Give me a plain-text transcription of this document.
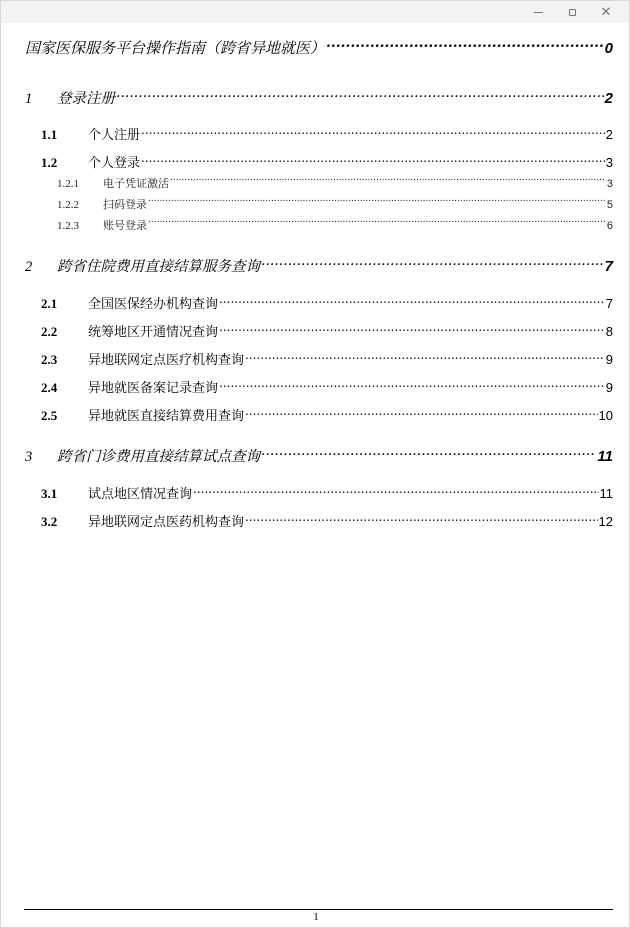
✕
国家医保服务平台操作指南（跨省异地就医） .....	0
1	登录注册 .....	2
1.1	个人注册 .....	2
1.2	个人登录 .....	3
1.2.1	电子凭证激活 .....	3
1.2.2	扫码登录 .....	5
1.2.3	账号登录 .....	6
2	跨省住院费用直接结算服务查询 .....	7
2.1	全国医保经办机构查询 .....	7
2.2	统筹地区开通情况查询 .....	8
2.3	异地联网定点医疗机构查询 .....	9
2.4	异地就医备案记录查询 .....	9
2.5	异地就医直接结算费用查询 .....	10
3	跨省门诊费用直接结算试点查询 .....	11
3.1	试点地区情况查询 .....	11
3.2	异地联网定点医药机构查询 .....	12
1
